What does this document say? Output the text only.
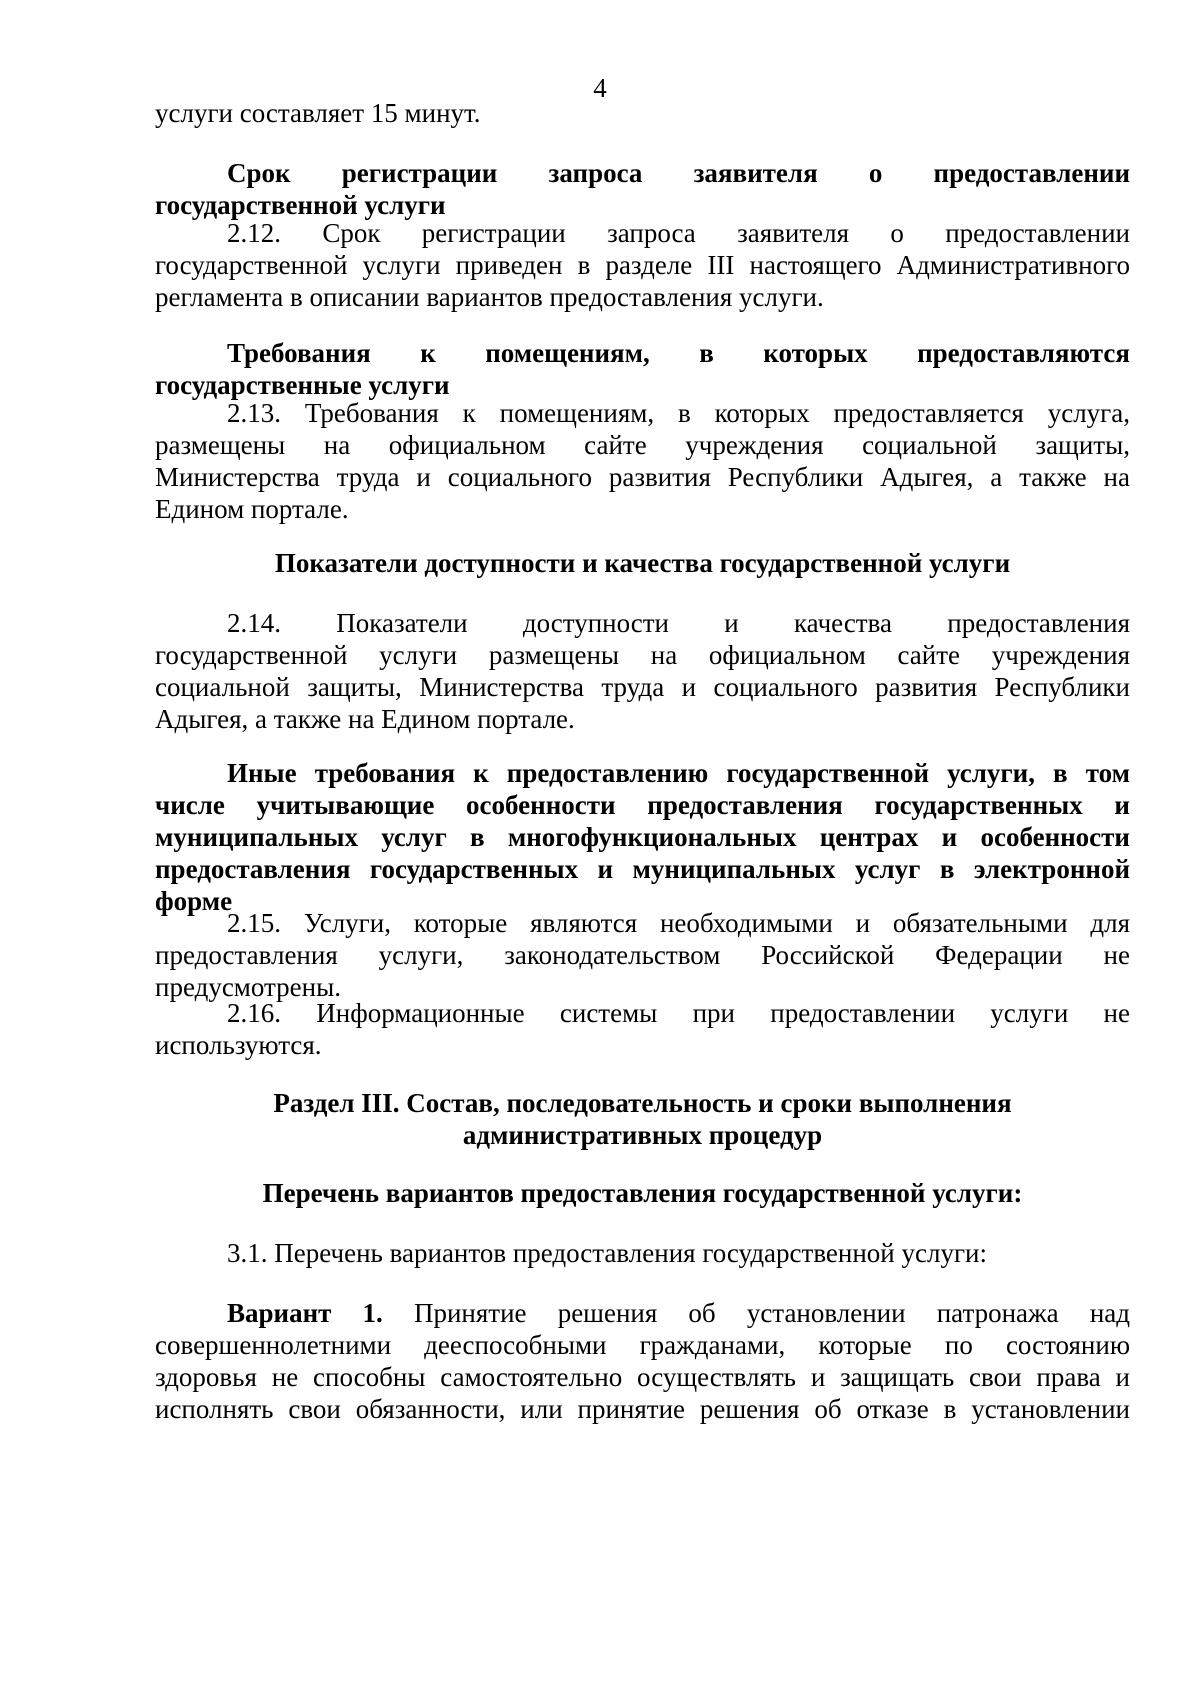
4
услуги составляет 15 минут.
Срок регистрации запроса заявителя о предоставлении
государственной услуги
2.12. Срок регистрации запроса заявителя о предоставлении
государственной услуги приведен в разделе III настоящего Административного
регламента в описании вариантов предоставления услуги.
Требования к помещениям, в которых предоставляются
государственные услуги
2.13. Требования к помещениям, в которых предоставляется услуга,
размещены на официальном сайте учреждения социальной защиты,
Министерства труда и социального развития Республики Адыгея, а также на
Едином портале.
Показатели доступности и качества государственной услуги
2.14. Показатели доступности и качества предоставления
государственной услуги размещены на официальном сайте учреждения
социальной защиты, Министерства труда и социального развития Республики
Адыгея, а также на Едином портале.
Иные требования к предоставлению государственной услуги, в том
числе учитывающие особенности предоставления государственных и
муниципальных услуг в многофункциональных центрах и особенности
предоставления государственных и муниципальных услуг в электронной
форме
2.15. Услуги, которые являются необходимыми и обязательными для
предоставления услуги, законодательством Российской Федерации не
предусмотрены.
2.16. Информационные системы при предоставлении услуги не
используются.
Раздел III. Состав, последовательность и сроки выполнения
административных процедур
Перечень вариантов предоставления государственной услуги:
3.1. Перечень вариантов предоставления государственной услуги:
Вариант 1. Принятие решения об установлении патронажа над
совершеннолетними дееспособными гражданами, которые по состоянию
здоровья не способны самостоятельно осуществлять и защищать свои права и
исполнять свои обязанности, или принятие решения об отказе в установлении
